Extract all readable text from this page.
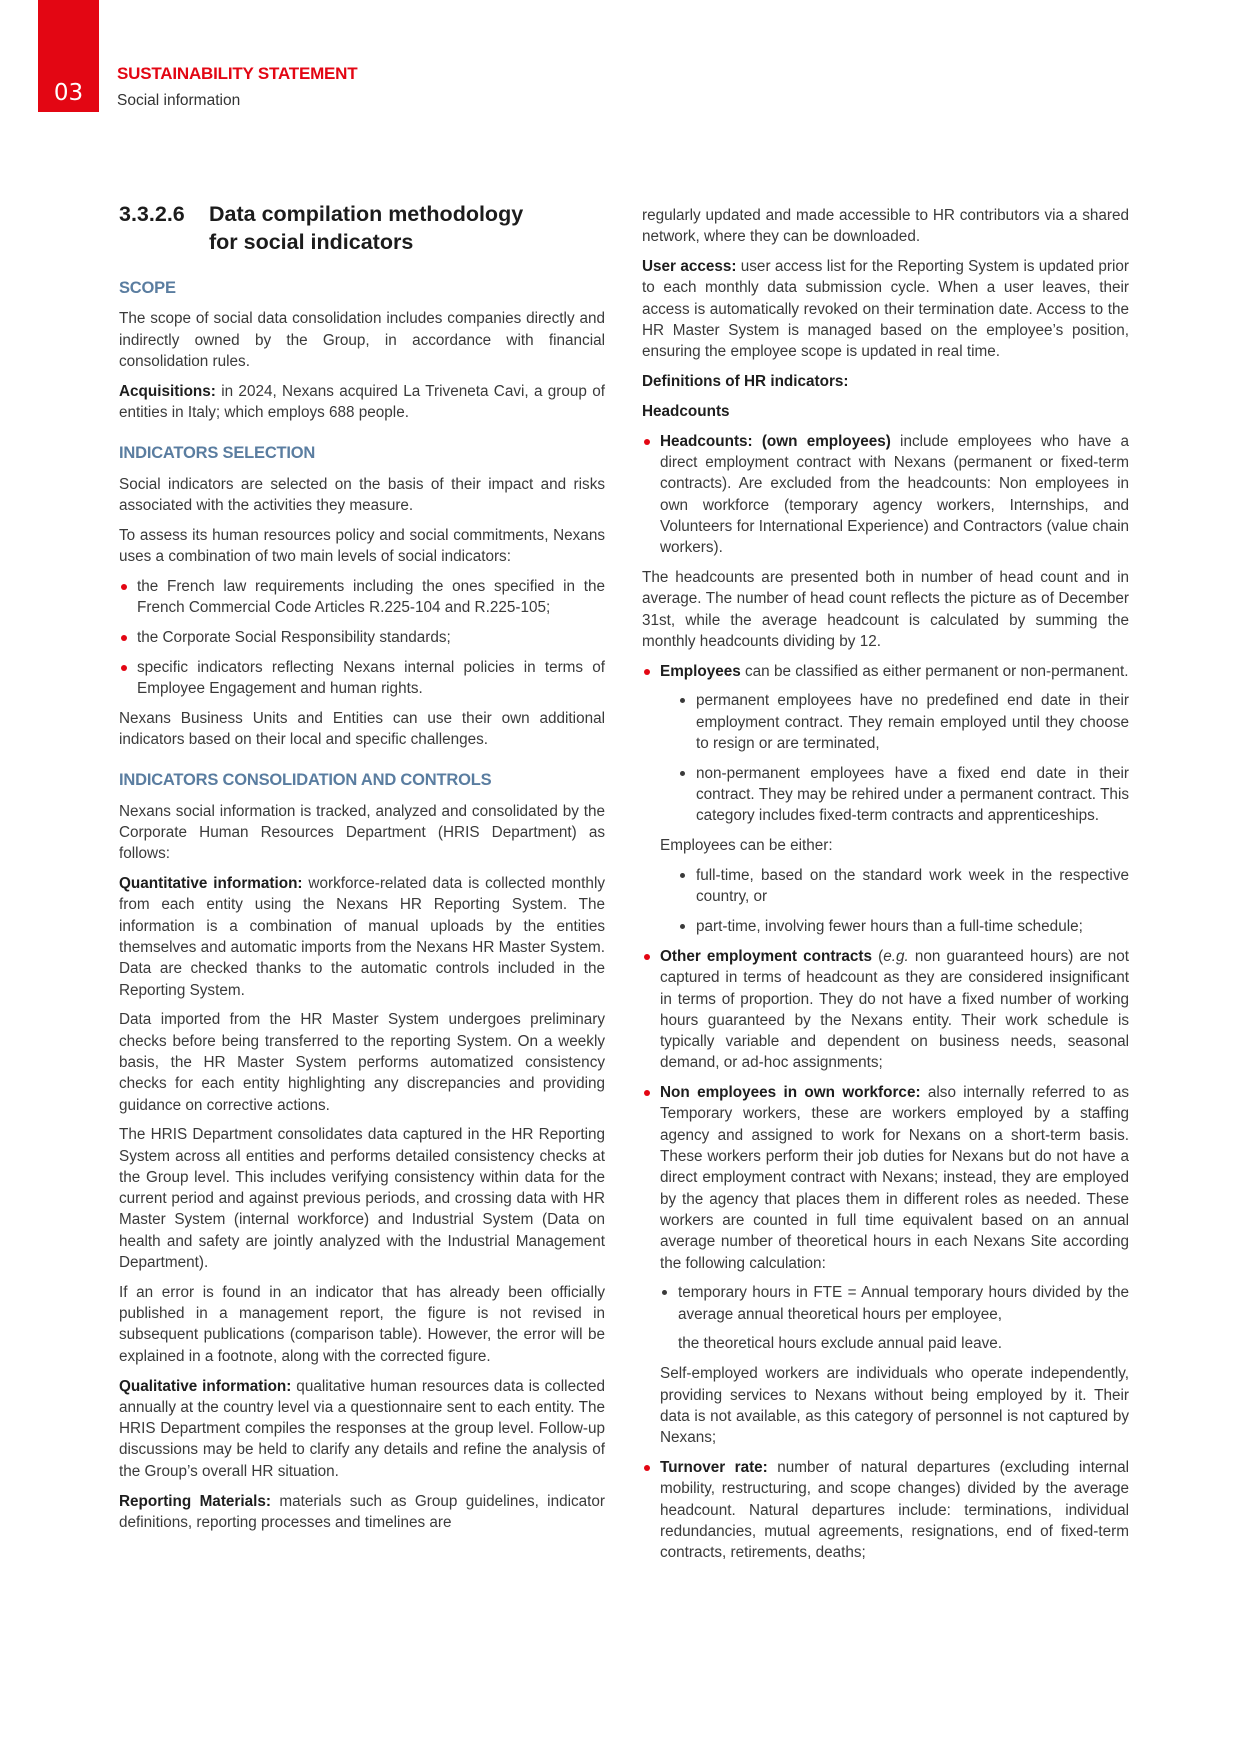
03
SUSTAINABILITY STATEMENT
Social information
3.3.2.6	Data compilation methodology
for social indicators
SCOPE

The scope of social data consolidation includes companies directly and indirectly owned by the Group, in accordance with financial consolidation rules.

Acquisitions: in 2024, Nexans acquired La Triveneta Cavi, a group of entities in Italy; which employs 688 people.

INDICATORS SELECTION

Social indicators are selected on the basis of their impact and risks associated with the activities they measure.

To assess its human resources policy and social commitments, Nexans uses a combination of two main levels of social indicators:

the French law requirements including the ones specified in the French Commercial Code Articles R.225-104 and R.225-105;
the Corporate Social Responsibility standards;
specific indicators reflecting Nexans internal policies in terms of Employee Engagement and human rights.

Nexans Business Units and Entities can use their own additional indicators based on their local and specific challenges.

INDICATORS CONSOLIDATION AND CONTROLS

Nexans social information is tracked, analyzed and consolidated by the Corporate Human Resources Department (HRIS Department) as follows:

Quantitative information: workforce-related data is collected monthly from each entity using the Nexans HR Reporting System. The information is a combination of manual uploads by the entities themselves and automatic imports from the Nexans HR Master System. Data are checked thanks to the automatic controls included in the Reporting System.

Data imported from the HR Master System undergoes preliminary checks before being transferred to the reporting System. On a weekly basis, the HR Master System performs automatized consistency checks for each entity highlighting any discrepancies and providing guidance on corrective actions.

The HRIS Department consolidates data captured in the HR Reporting System across all entities and performs detailed consistency checks at the Group level. This includes verifying consistency within data for the current period and against previous periods, and crossing data with HR Master System (internal workforce) and Industrial System (Data on health and safety are jointly analyzed with the Industrial Management Department).

If an error is found in an indicator that has already been officially published in a management report, the figure is not revised in subsequent publications (comparison table). However, the error will be explained in a footnote, along with the corrected figure.

Qualitative information: qualitative human resources data is collected annually at the country level via a questionnaire sent to each entity. The HRIS Department compiles the responses at the group level. Follow-up discussions may be held to clarify any details and refine the analysis of the Group’s overall HR situation.

Reporting Materials: materials such as Group guidelines, indicator definitions, reporting processes and timelines are

regularly updated and made accessible to HR contributors via a shared network, where they can be downloaded.

User access: user access list for the Reporting System is updated prior to each monthly data submission cycle. When a user leaves, their access is automatically revoked on their termination date. Access to the HR Master System is managed based on the employee’s position, ensuring the employee scope is updated in real time.

Definitions of HR indicators:
Headcounts
Headcounts: (own employees) include employees who have a direct employment contract with Nexans (permanent or fixed-term contracts). Are excluded from the headcounts: Non employees in own workforce (temporary agency workers, Internships, and Volunteers for International Experience) and Contractors (value chain workers).

The headcounts are presented both in number of head count and in average. The number of head count reflects the picture as of December 31st, while the average headcount is calculated by summing the monthly headcounts dividing by 12.

Employees can be classified as either permanent or non-permanent.
permanent employees have no predefined end date in their employment contract. They remain employed until they choose to resign or are terminated,
non-permanent employees have a fixed end date in their contract. They may be rehired under a permanent contract. This category includes fixed-term contracts and apprenticeships.

Employees can be either:

full-time, based on the standard work week in the respective country, or
part-time, involving fewer hours than a full-time schedule;
Other employment contracts (e.g. non guaranteed hours) are not captured in terms of headcount as they are considered insignificant in terms of proportion. They do not have a fixed number of working hours guaranteed by the Nexans entity. Their work schedule is typically variable and dependent on business needs, seasonal demand, or ad-hoc assignments;
Non employees in own workforce: also internally referred to as Temporary workers, these are workers employed by a staffing agency and assigned to work for Nexans on a short-term basis. These workers perform their job duties for Nexans but do not have a direct employment contract with Nexans; instead, they are employed by the agency that places them in different roles as needed. These workers are counted in full time equivalent based on an annual average number of theoretical hours in each Nexans Site according the following calculation:
temporary hours in FTE = Annual temporary hours divided by the average annual theoretical hours per employee,

the theoretical hours exclude annual paid leave.

Self-employed workers are individuals who operate independently, providing services to Nexans without being employed by it. Their data is not available, as this category of personnel is not captured by Nexans;

Turnover rate: number of natural departures (excluding internal mobility, restructuring, and scope changes) divided by the average headcount. Natural departures include: terminations, individual redundancies, mutual agreements, resignations, end of fixed-term contracts, retirements, deaths;
